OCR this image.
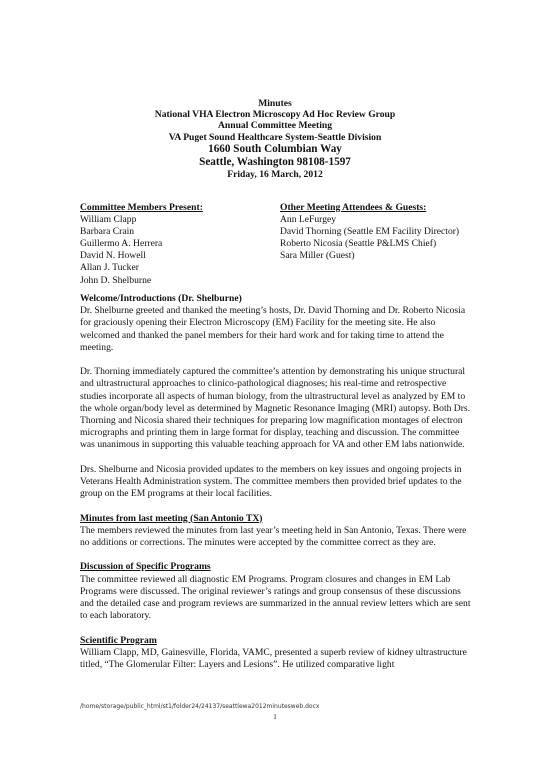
Minutes
National VHA Electron Microscopy Ad Hoc Review Group
Annual Committee Meeting
VA Puget Sound Healthcare System-Seattle Division
1660 South Columbian Way
Seattle, Washington 98108-1597
Friday, 16 March, 2012
Committee Members Present:
William Clapp
Barbara Crain
Guillermo A. Herrera
David N. Howell
Allan J. Tucker
John D. Shelburne
Other Meeting Attendees & Guests:
Ann LeFurgey
David Thorning (Seattle EM Facility Director)
Roberto Nicosia (Seattle P&LMS Chief)
Sara Miller (Guest)
Welcome/Introductions (Dr. Shelburne)

Dr. Shelburne greeted and thanked the meeting’s hosts, Dr. David Thorning and Dr. Roberto Nicosia for graciously opening their Electron Microscopy (EM) Facility for the meeting site. He also welcomed and thanked the panel members for their hard work and for taking time to attend the meeting.

Dr. Thorning immediately captured the committee’s attention by demonstrating his unique structural and ultrastructural approaches to clinico-pathological diagnoses; his real-time and retrospective studies incorporate all aspects of human biology, from the ultrastructural level as analyzed by EM to the whole organ/body level as determined by Magnetic Resonance Imaging (MRI) autopsy. Both Drs. Thorning and Nicosia shared their techniques for preparing low magnification montages of electron micrographs and printing them in large format for display, teaching and discussion. The committee was unanimous in supporting this valuable teaching approach for VA and other EM labs nationwide.

Drs. Shelburne and Nicosia provided updates to the members on key issues and ongoing projects in Veterans Health Administration system. The committee members then provided brief updates to the group on the EM programs at their local facilities.

Minutes from last meeting (San Antonio TX)

The members reviewed the minutes from last year’s meeting held in San Antonio, Texas. There were no additions or corrections. The minutes were accepted by the committee correct as they are.

Discussion of Specific Programs

The committee reviewed all diagnostic EM Programs. Program closures and changes in EM Lab Programs were discussed. The original reviewer’s ratings and group consensus of these discussions and the detailed case and program reviews are summarized in the annual review letters which are sent to each laboratory.

Scientific Program

William Clapp, MD, Gainesville, Florida, VAMC, presented a superb review of kidney ultrastructure titled, “The Glomerular Filter: Layers and Lesions”. He utilized comparative light

/home/storage/public_html/st1/folder24/24137/seattlewa2012minutesweb.docx
1
